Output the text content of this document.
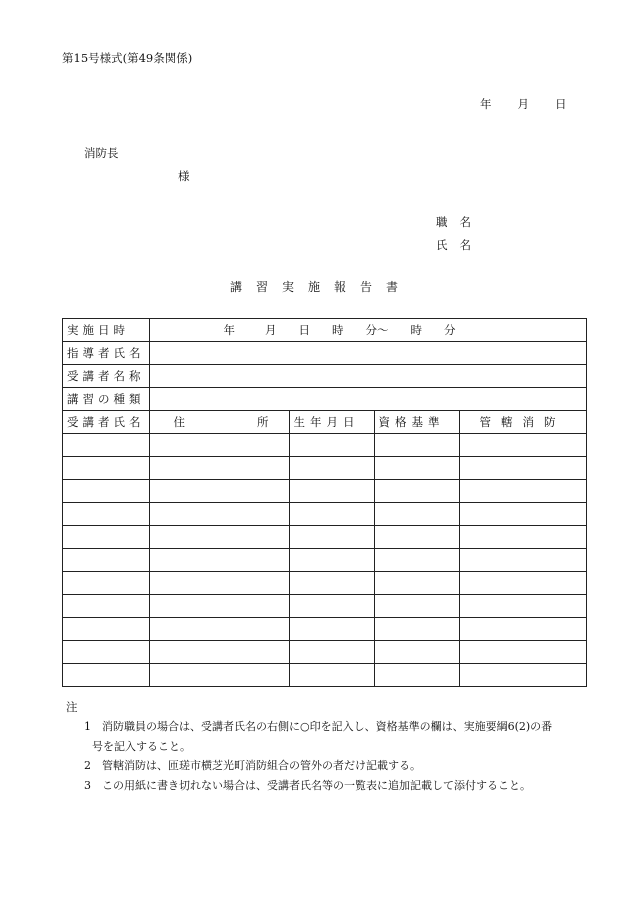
第15号様式(第49条関係)
年 月 日
消防長
様
職名
氏名
講習実施報告書
実施日時	年 月 日 時 分～ 時 分			
指導者氏名				
受講者名称				
講習の種類				
受講者氏名	住 所	生年月日	資格基準	管轄消防

注
1　消防職員の場合は、受講者氏名の右側に○印を記入し、資格基準の欄は、実施要綱6(2)の番
号を記入すること。
2　管轄消防は、匝瑳市横芝光町消防組合の管外の者だけ記載する。
3　この用紙に書き切れない場合は、受講者氏名等の一覧表に追加記載して添付すること。
